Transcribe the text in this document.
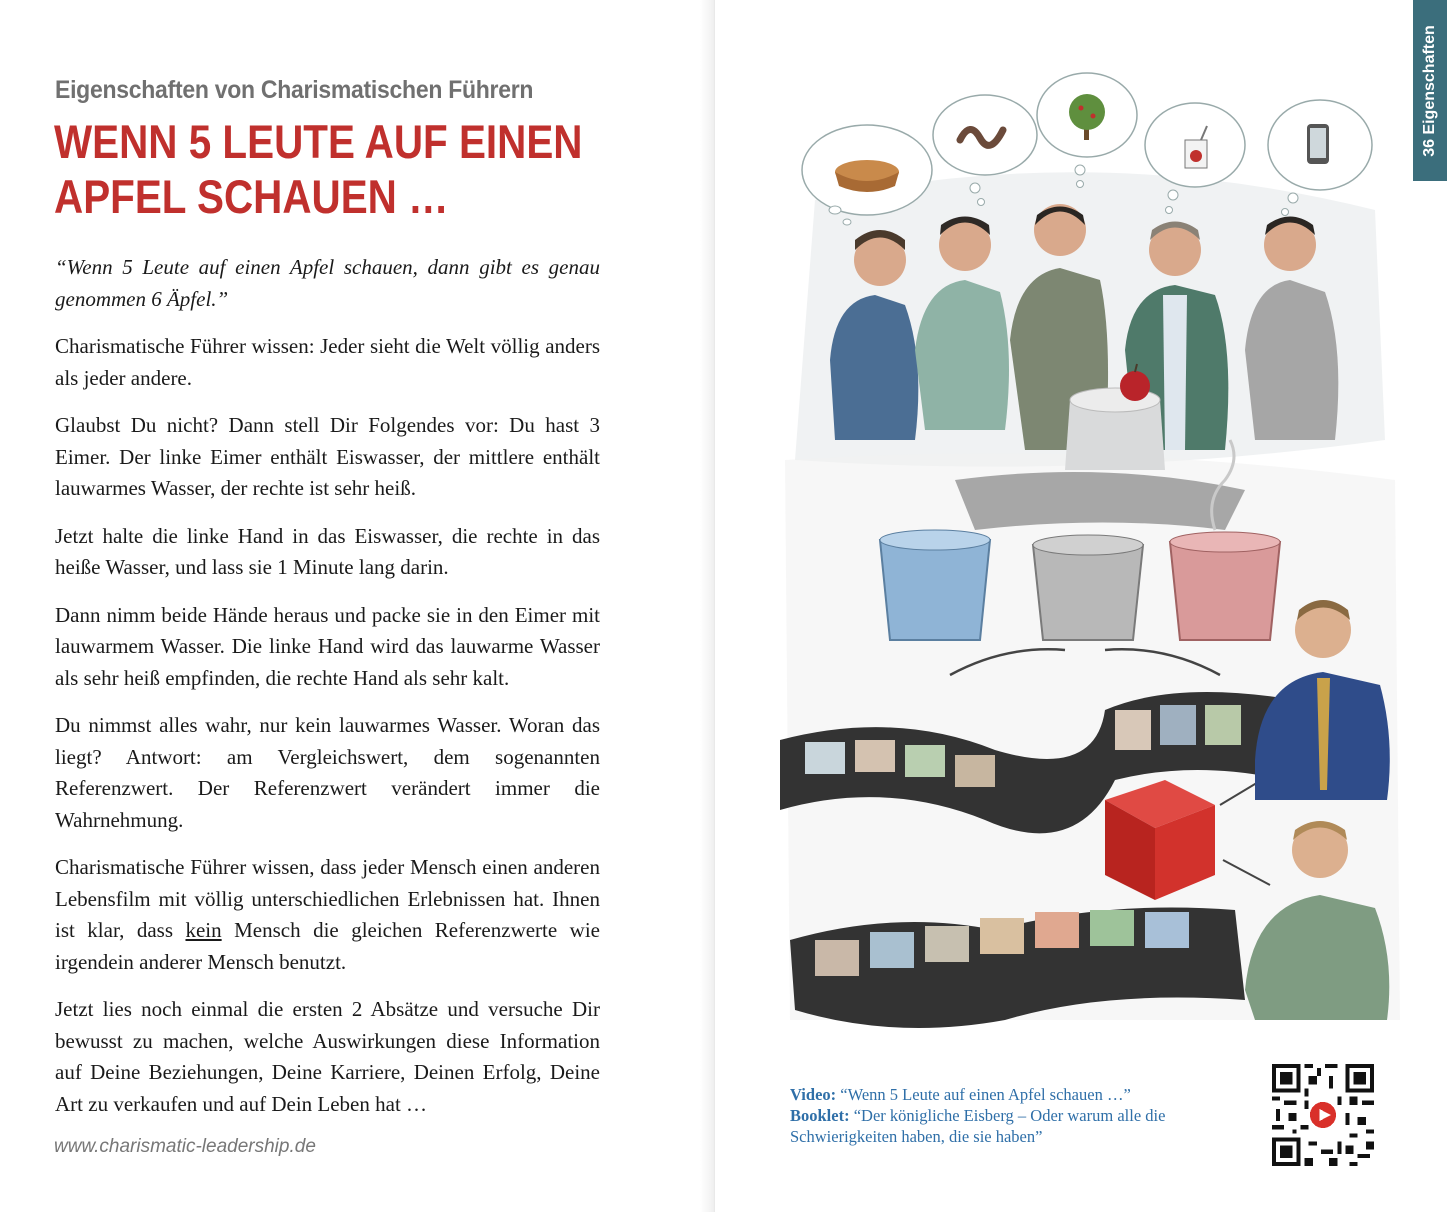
Eigenschaften von Charismatischen Führern
WENN 5 LEUTE AUF EINEN
APFEL SCHAUEN …

“Wenn 5 Leute auf einen Apfel schauen, dann gibt es genau genommen 6 Äpfel.”

Charismatische Führer wissen: Jeder sieht die Welt völlig anders als jeder andere.

Glaubst Du nicht? Dann stell Dir Folgendes vor: Du hast 3 Eimer. Der linke Eimer enthält Eiswasser, der mittlere enthält lauwarmes Wasser, der rechte ist sehr heiß.

Jetzt halte die linke Hand in das Eiswasser, die rechte in das heiße Wasser, und lass sie 1 Minute lang darin.

Dann nimm beide Hände heraus und packe sie in den Eimer mit lauwarmem Wasser. Die linke Hand wird das lauwarme Wasser als sehr heiß empfinden, die rechte Hand als sehr kalt.

Du nimmst alles wahr, nur kein lauwarmes Wasser. Woran das liegt? Antwort: am Vergleichswert, dem sogenannten Referenzwert. Der Referenzwert verändert immer die Wahrnehmung.

Charismatische Führer wissen, dass jeder Mensch einen anderen Lebensfilm mit völlig unterschiedlichen Erlebnissen hat. Ihnen ist klar, dass kein Mensch die gleichen Referenzwerte wie irgendein anderer Mensch benutzt.

Jetzt lies noch einmal die ersten 2 Absätze und versuche Dir bewusst zu machen, welche Auswirkungen diese Information auf Deine Beziehungen, Deine Karriere, Deinen Erfolg, Deine Art zu verkaufen und auf Dein Leben hat …

www.charismatic-leadership.de
36 Eigenschaften
Video: “Wenn 5 Leute auf einen Apfel schauen …”
Booklet: “Der königliche Eisberg – Oder warum alle die Schwierigkeiten haben, die sie haben”
